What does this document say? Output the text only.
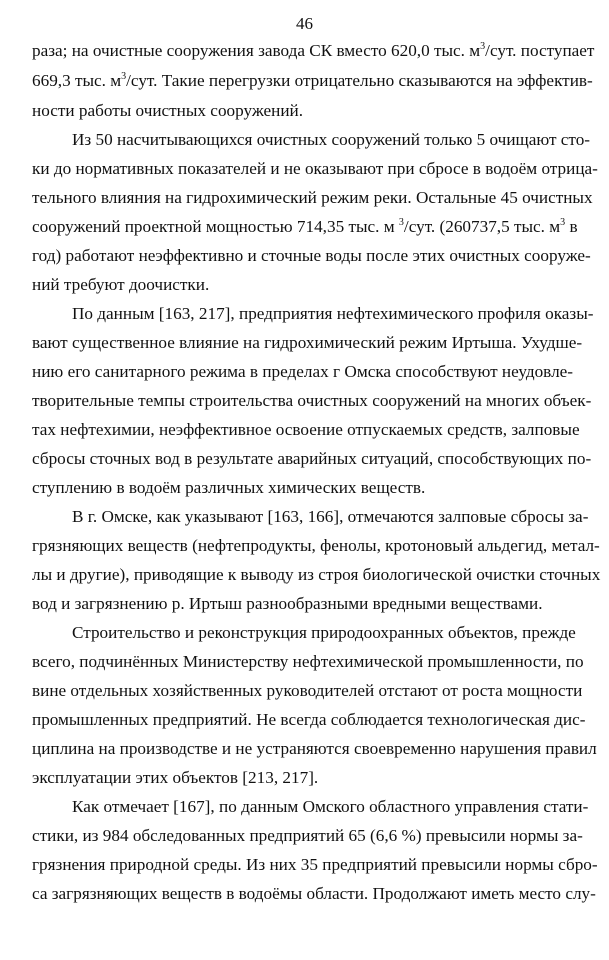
46
раза; на очистные сооружения завода СК вместо 620,0 тыс. $м^3$/сут. поступает
669,3 тыс. $м^3$/сут. Такие перегрузки отрицательно сказываются на эффектив-
ности работы очистных сооружений.
Из 50 насчитывающихся очистных сооружений только 5 очищают сто-
ки до нормативных показателей и не оказывают при сбросе в водоём отрица-
тельного влияния на гидрохимический режим реки. Остальные 45 очистных
сооружений проектной мощностью 714,35 тыс. м $^3$/сут. (260737,5 тыс. $м^3$ в
год) работают неэффективно и сточные воды после этих очистных сооруже-
ний требуют доочистки.
По данным [163, 217], предприятия нефтехимического профиля оказы-
вают существенное влияние на гидрохимический режим Иртыша. Ухудше-
нию его санитарного режима в пределах г Омска способствуют неудовле-
творительные темпы строительства очистных сооружений на многих объек-
тах нефтехимии, неэффективное освоение отпускаемых средств, залповые
сбросы сточных вод в результате аварийных ситуаций, способствующих по-
ступлению в водоём различных химических веществ.
В г. Омске, как указывают [163, 166], отмечаются залповые сбросы за-
грязняющих веществ (нефтепродукты, фенолы, кротоновый альдегид, метал-
лы и другие), приводящие к выводу из строя биологической очистки сточных
вод и загрязнению р. Иртыш разнообразными вредными веществами.
Строительство и реконструкция природоохранных объектов, прежде
всего, подчинённых Министерству нефтехимической промышленности, по
вине отдельных хозяйственных руководителей отстают от роста мощности
промышленных предприятий. Не всегда соблюдается технологическая дис-
циплина на производстве и не устраняются своевременно нарушения правил
эксплуатации этих объектов [213, 217].
Как отмечает [167], по данным Омского областного управления стати-
стики, из 984 обследованных предприятий 65 (6,6 %) превысили нормы за-
грязнения природной среды. Из них 35 предприятий превысили нормы сбро-
са загрязняющих веществ в водоёмы области. Продолжают иметь место слу-
